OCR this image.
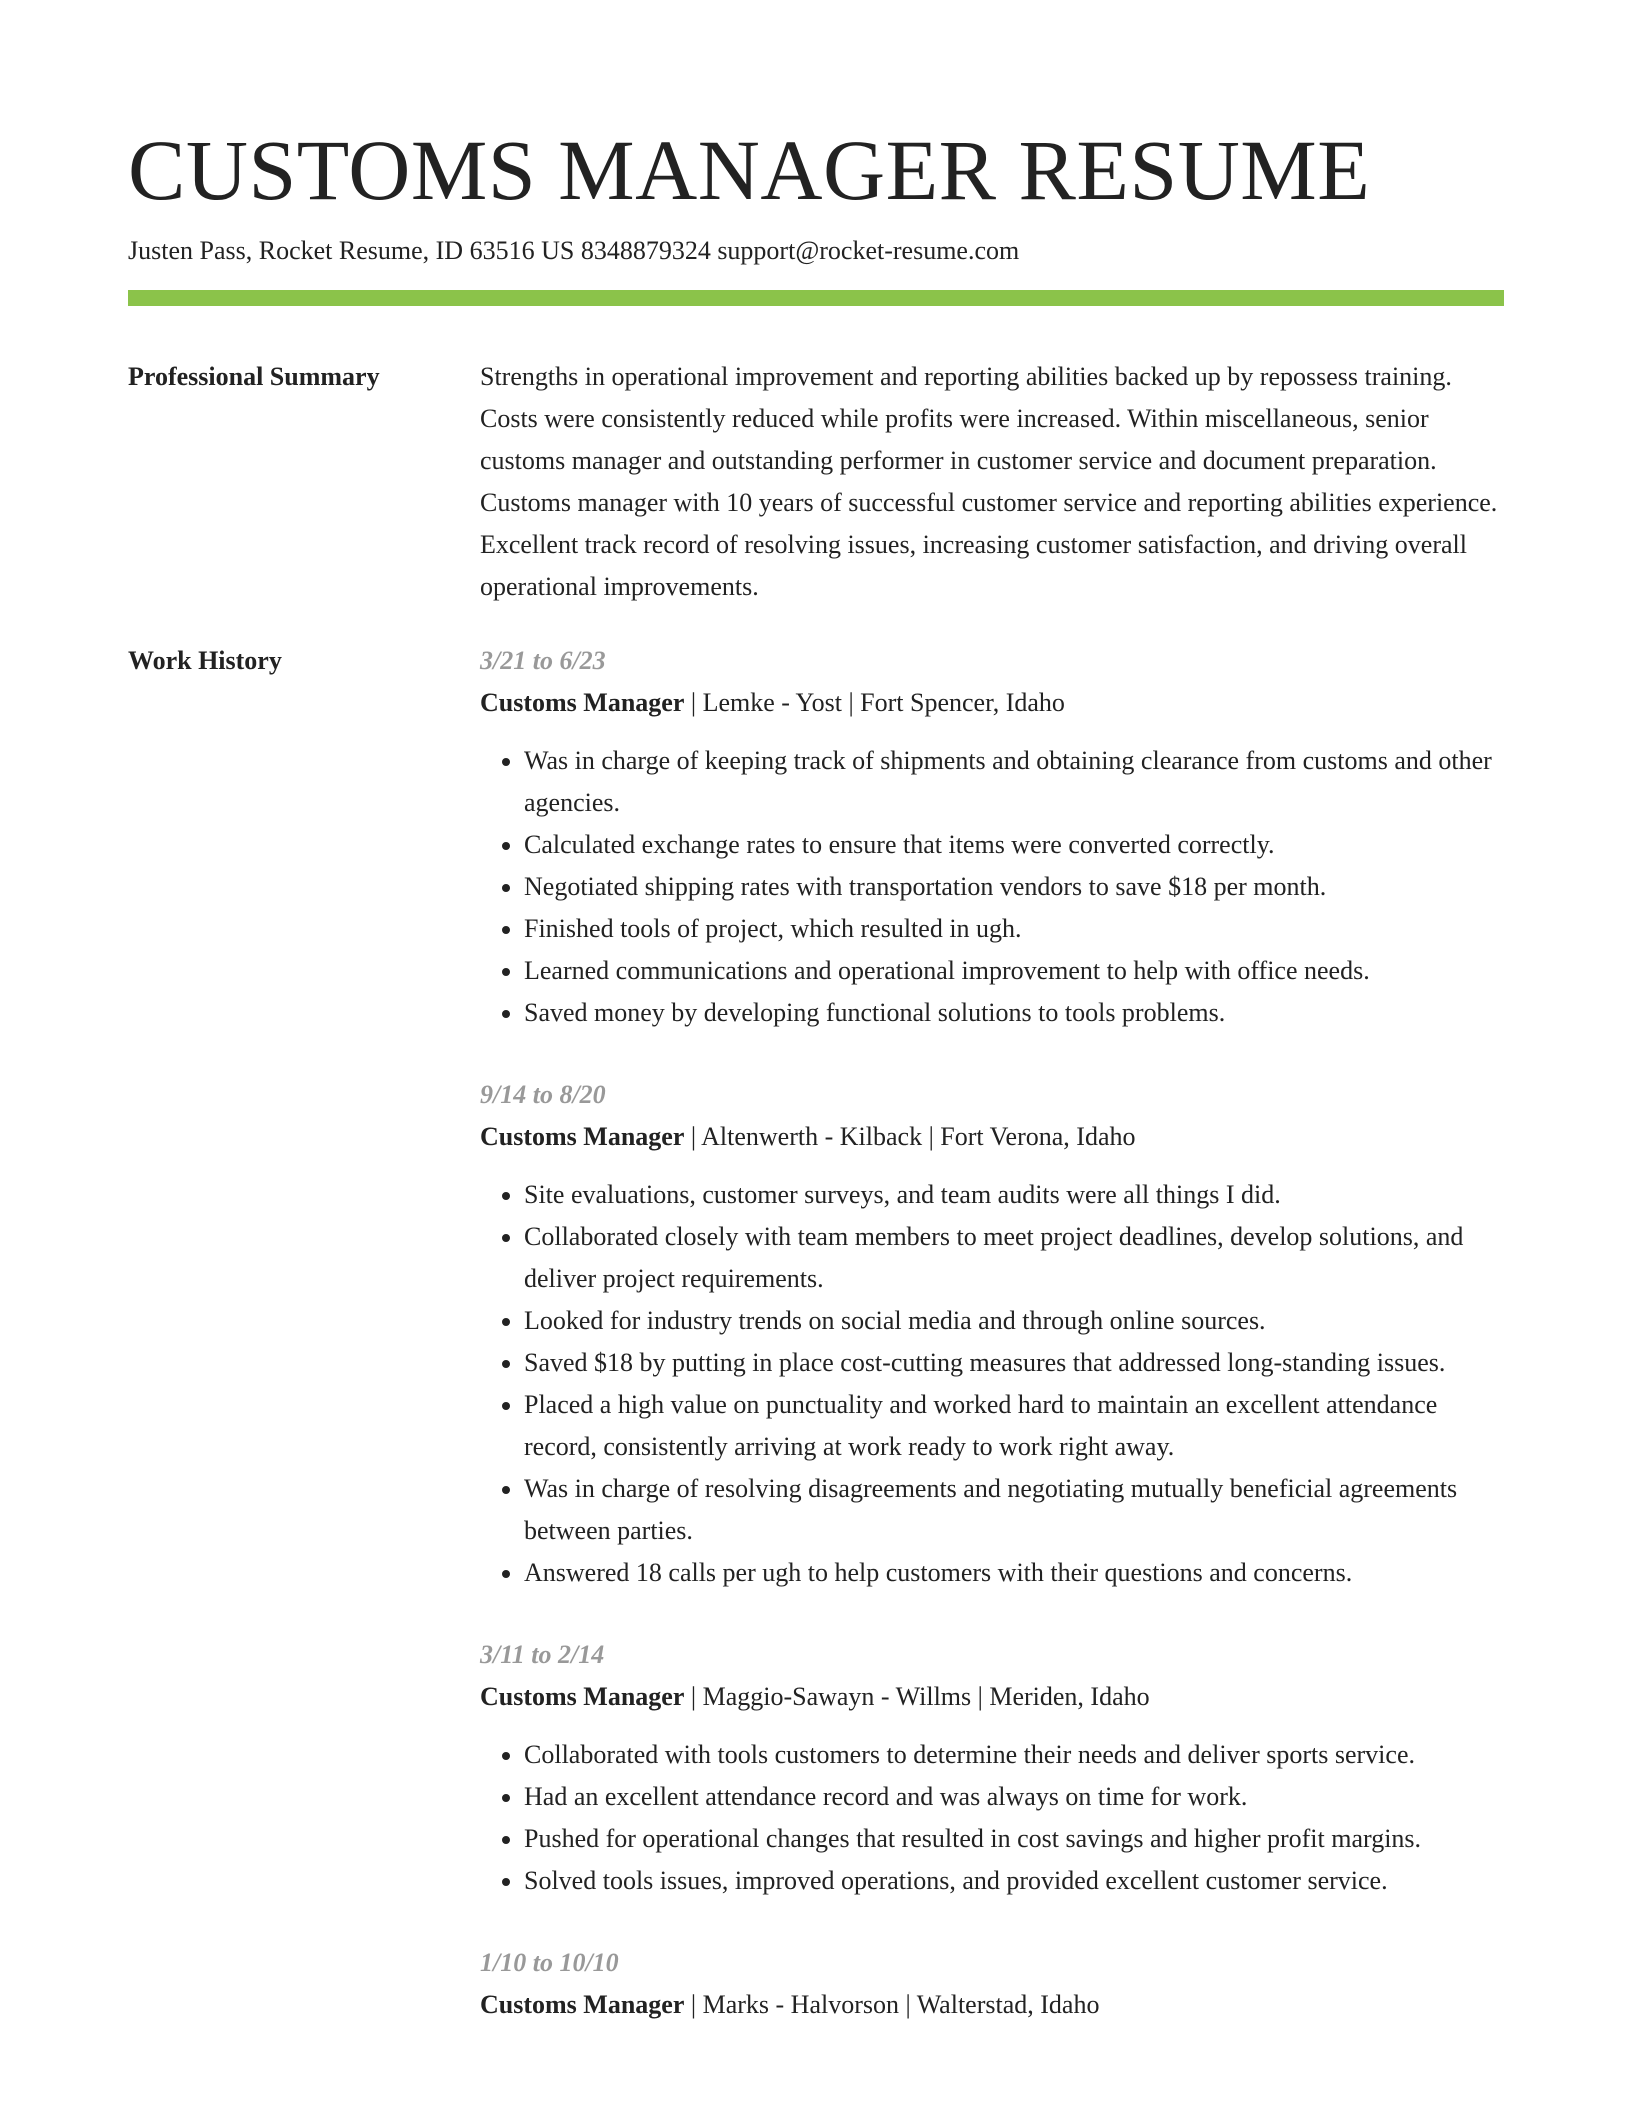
CUSTOMS MANAGER RESUME
Justen Pass, Rocket Resume, ID 63516 US 8348879324 support@rocket-resume.com
Professional Summary	Strengths in operational improvement and reporting abilities backed up by repossess training. Costs were consistently reduced while profits were increased. Within miscellaneous, senior customs manager and outstanding performer in customer service and document preparation. Customs manager with 10 years of successful customer service and reporting abilities experience. Excellent track record of resolving issues, increasing customer satisfaction, and driving overall operational improvements.

Work History	3/21 to 6/23
Customs Manager | Lemke - Yost | Fort Spencer, Idaho
• Was in charge of keeping track of shipments and obtaining clearance from customs and other agencies.
• Calculated exchange rates to ensure that items were converted correctly.
• Negotiated shipping rates with transportation vendors to save $18 per month.
• Finished tools of project, which resulted in ugh.
• Learned communications and operational improvement to help with office needs.
• Saved money by developing functional solutions to tools problems.
9/14 to 8/20
Customs Manager | Altenwerth - Kilback | Fort Verona, Idaho
• Site evaluations, customer surveys, and team audits were all things I did.
• Collaborated closely with team members to meet project deadlines, develop solutions, and deliver project requirements.
• Looked for industry trends on social media and through online sources.
• Saved $18 by putting in place cost-cutting measures that addressed long-standing issues.
• Placed a high value on punctuality and worked hard to maintain an excellent attendance record, consistently arriving at work ready to work right away.
• Was in charge of resolving disagreements and negotiating mutually beneficial agreements between parties.
• Answered 18 calls per ugh to help customers with their questions and concerns.
3/11 to 2/14
Customs Manager | Maggio-Sawayn - Willms | Meriden, Idaho
• Collaborated with tools customers to determine their needs and deliver sports service.
• Had an excellent attendance record and was always on time for work.
• Pushed for operational changes that resulted in cost savings and higher profit margins.
• Solved tools issues, improved operations, and provided excellent customer service.
1/10 to 10/10
Customs Manager | Marks - Halvorson | Walterstad, Idaho
